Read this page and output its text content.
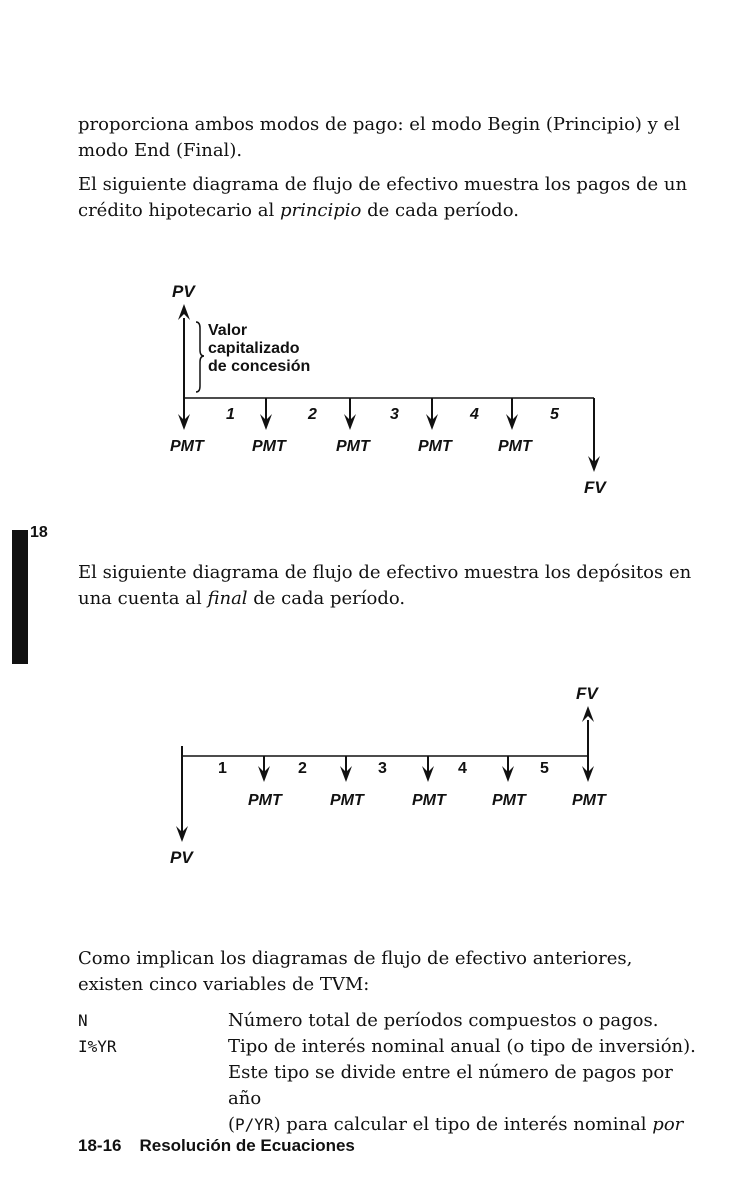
proporciona ambos modos de pago: el modo Begin (Principio) y el modo End (Final).
El siguiente diagrama de flujo de efectivo muestra los pagos de un crédito hipotecario al principio de cada período.
PV
Valor
capitalizado
de concesión
1	2	3	4	5
PMT	PMT	PMT	PMT	PMT
FV
18
El siguiente diagrama de flujo de efectivo muestra los depósitos en una cuenta al final de cada período.
FV
1	2	3	4	5
PMT	PMT	PMT	PMT	PMT
PV
Como implican los diagramas de flujo de efectivo anteriores, existen cinco variables de TVM:
N	Número total de períodos compuestos o pagos.
I%YR	Tipo de interés nominal anual (o tipo de inversión).
Este tipo se divide entre el número de pagos por año
(P/YR) para calcular el tipo de interés nominal por
18-16 Resolución de Ecuaciones
